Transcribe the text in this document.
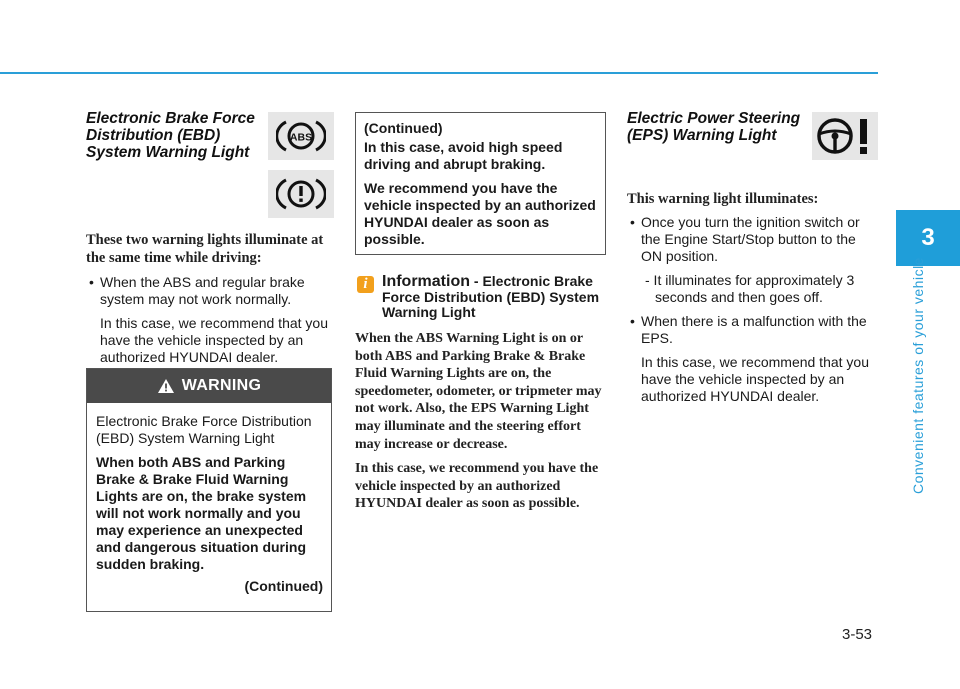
3
Convenient features of your vehicle

Electronic Brake Force
Distribution (EBD)
System Warning Light

These two warning lights illuminate at the same time while driving:

• When the ABS and regular brake system may not work normally.

In this case, we recommend that you have the vehicle inspected by an authorized HYUNDAI dealer.

ABS
WARNING

Electronic Brake Force Distribution (EBD) System Warning Light

When both ABS and Parking Brake & Brake Fluid Warning Lights are on, the brake system will not work normally and you may experience an unexpected and dangerous situation during sudden braking.

(Continued)

(Continued)

In this case, avoid high speed driving and abrupt braking.

We recommend you have the vehicle inspected by an authorized HYUNDAI dealer as soon as possible.

i Information - Electronic Brake Force Distribution (EBD) System Warning Light

When the ABS Warning Light is on or both ABS and Parking Brake & Brake Fluid Warning Lights are on, the speedometer, odometer, or tripmeter may not work. Also, the EPS Warning Light may illuminate and the steering effort may increase or decrease.

In this case, we recommend you have the vehicle inspected by an authorized HYUNDAI dealer as soon as possible.

Electric Power Steering
(EPS) Warning Light

This warning light illuminates:

• Once you turn the ignition switch or the Engine Start/Stop button to the ON position.

- It illuminates for approximately 3 seconds and then goes off.

• When there is a malfunction with the EPS.

In this case, we recommend that you have the vehicle inspected by an authorized HYUNDAI dealer.

3-53
